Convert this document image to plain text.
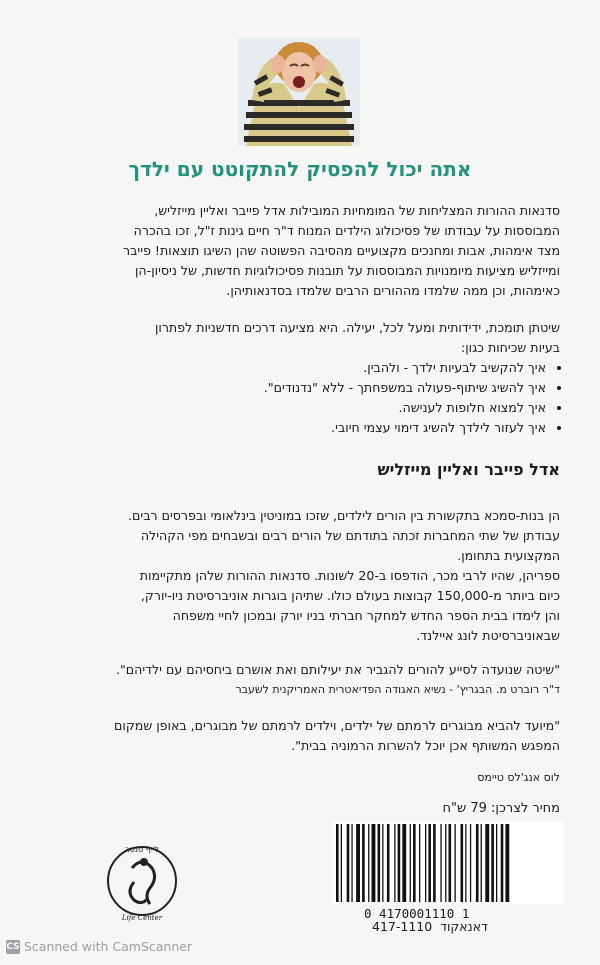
אתה יכול להפסיק להתקוטט עם ילדך
סדנאות ההורות המצליחות של המומחיות המובילות אדל פייבר ואליין מייזליש,
המבוססות על עבודתו של פסיכולוג הילדים המנוח ד"ר חיים גינות ז"ל, זכו בהכרה
מצד אימהות, אבות ומחנכים מקצועיים מהסיבה הפשוטה שהן השיגו תוצאות! פייבר
ומייזליש מציעות מיומנויות המבוססות על תובנות פסיכולוגיות חדשות, של ניסיון-הן
כאימהות, וכן ממה שלמדו מההורים הרבים שלמדו בסדנאותיהן.
שיטתן תומכת, ידידותית ומעל לכל, יעילה. היא מציעה דרכים חדשניות לפתרון
בעיות שכיחות כגון:
• איך להקשיב לבעיות ילדך - ולהבין.
• איך להשיג שיתוף-פעולה במשפחתך - ללא "נדנודים".
• איך למצוא חלופות לענישה.
• איך לעזור לילדך להשיג דימוי עצמי חיובי.
אדל פייבר ואליין מייזליש
הן בנות-סמכא בתקשורת בין הורים לילדים, שזכו במוניטין בינלאומי ובפרסים רבים.
עבודתן של שתי המחברות זכתה בתודתם של הורים רבים ובשבחים מפי הקהילה
המקצועית בתחומן.
ספריהן, שהיו לרבי מכר, הודפסו ב-20 לשונות. סדנאות ההורות שלהן מתקיימות
כיום ביותר מ-150,000 קבוצות בעולם כולו. שתיהן בוגרות אוניברסיטת ניו-יורק,
והן לימדו בבית הספר החדש למחקר חברתי בניו יורק ובמכון לחיי משפחה
שבאוניברסיטת לונג איילנד.
"שיטה שנועדה לסייע להורים להגביר את יעילותם ואת אושרם ביחסיהם עם ילדיהם".
ד"ר רוברט מ. הבגריץ' - נשיא האגודה הפדיאטרית האמריקנית לשעבר
"מיועד להביא מבוגרים לרמתם של ילדים, וילדים לרמתם של מבוגרים, באופן שמקום
המפגש המשותף אכן יוכל להשרות הרמוניה בבית".
לוס אנג'לס טיימס
מחיר לצרכן: 79 ש"ח
0 4170001110 1
417-1110 דאנאקוד
לייף סנטר
Life Center
CS Scanned with CamScanner
